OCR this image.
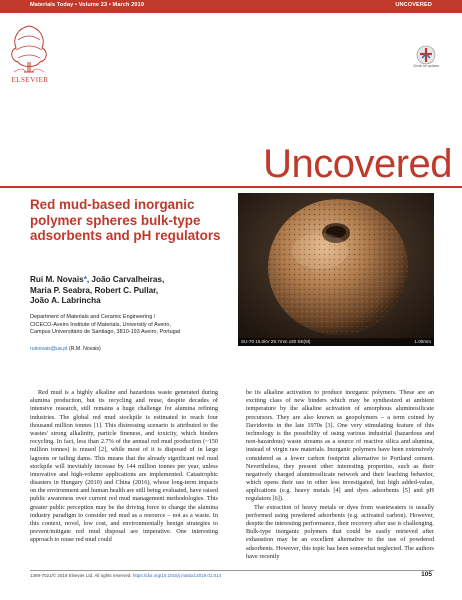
Materials Today • Volume 23 • March 2019	UNCOVERED
ELSEVIER
Check for updates
Uncovered
Red mud-based inorganic polymer spheres bulk-type adsorbents and pH regulators
Rui M. Novais*, João Carvalheiras,
Maria P. Seabra, Robert C. Pullar,
João A. Labrincha
Department of Materials and Ceramic Engineering /
CICECO-Aveiro Institute of Materials, University of Aveiro,
Campus Universitário de Santiago, 3810-193 Aveiro, Portugal
ruinovais@ua.pt (R.M. Novais)
SU-70 15.0kV 29.7mm x30 SE(M)	1.00mm

Red mud is a highly alkaline and hazardous waste generated during alumina production, but its recycling and reuse, despite decades of intensive research, still remains a huge challenge for alumina refining industries. The global red mud stockpile is estimated to reach four thousand million tonnes [1]. This distressing scenario is attributed to the wastes' strong alkalinity, particle fineness, and toxicity, which hinders recycling. In fact, less than 2.7% of the annual red mud production (~150 million tonnes) is reused [2], while most of it is disposed of in large lagoons or tailing dams. This means that the already significant red mud stockpile will inevitably increase by 144 million tonnes per year, unless innovative and high-volume applications are implemented. Catastrophic disasters in Hungary (2010) and China (2016), whose long-term impacts on the environment and human health are still being evaluated, have raised public awareness over current red mud management methodologies. This greater public perception may be the driving force to change the alumina industry paradigm to consider red mud as a resource – not as a waste. In this context, novel, low cost, and environmentally benign strategies to prevent/mitigate red mud disposal are imperative. One interesting approach to reuse red mud could

be its alkaline activation to produce inorganic polymers. These are an exciting class of new binders which may be synthesized at ambient temperature by the alkaline activation of amorphous aluminosilicate precursors. They are also known as geopolymers – a term coined by Davidovits in the late 1970s [3]. One very stimulating feature of this technology is the possibility of using various industrial (hazardous and non-hazardous) waste streams as a source of reactive silica and alumina, instead of virgin raw materials. Inorganic polymers have been extensively considered as a lower carbon footprint alternative to Portland cement. Nevertheless, they present other interesting properties, such as their negatively charged aluminosilicate network and their leaching behavior, which opens their use in other less investigated, but high added-value, applications (e.g. heavy metals [4] and dyes adsorbents [5] and pH regulators [6]).

The extraction of heavy metals or dyes from wastewaters is usually performed using powdered adsorbents (e.g. activated carbon). However, despite the interesting performance, their recovery after use is challenging. Bulk-type inorganic polymers that could be easily retrieved after exhaustion may be an excellent alternative to the use of powdered adsorbents. However, this topic has been somewhat neglected. The authors have recently

1369-7021/© 2019 Elsevier Ltd. All rights reserved. https://doi.org/10.1016/j.mattod.2019.01.014	105
